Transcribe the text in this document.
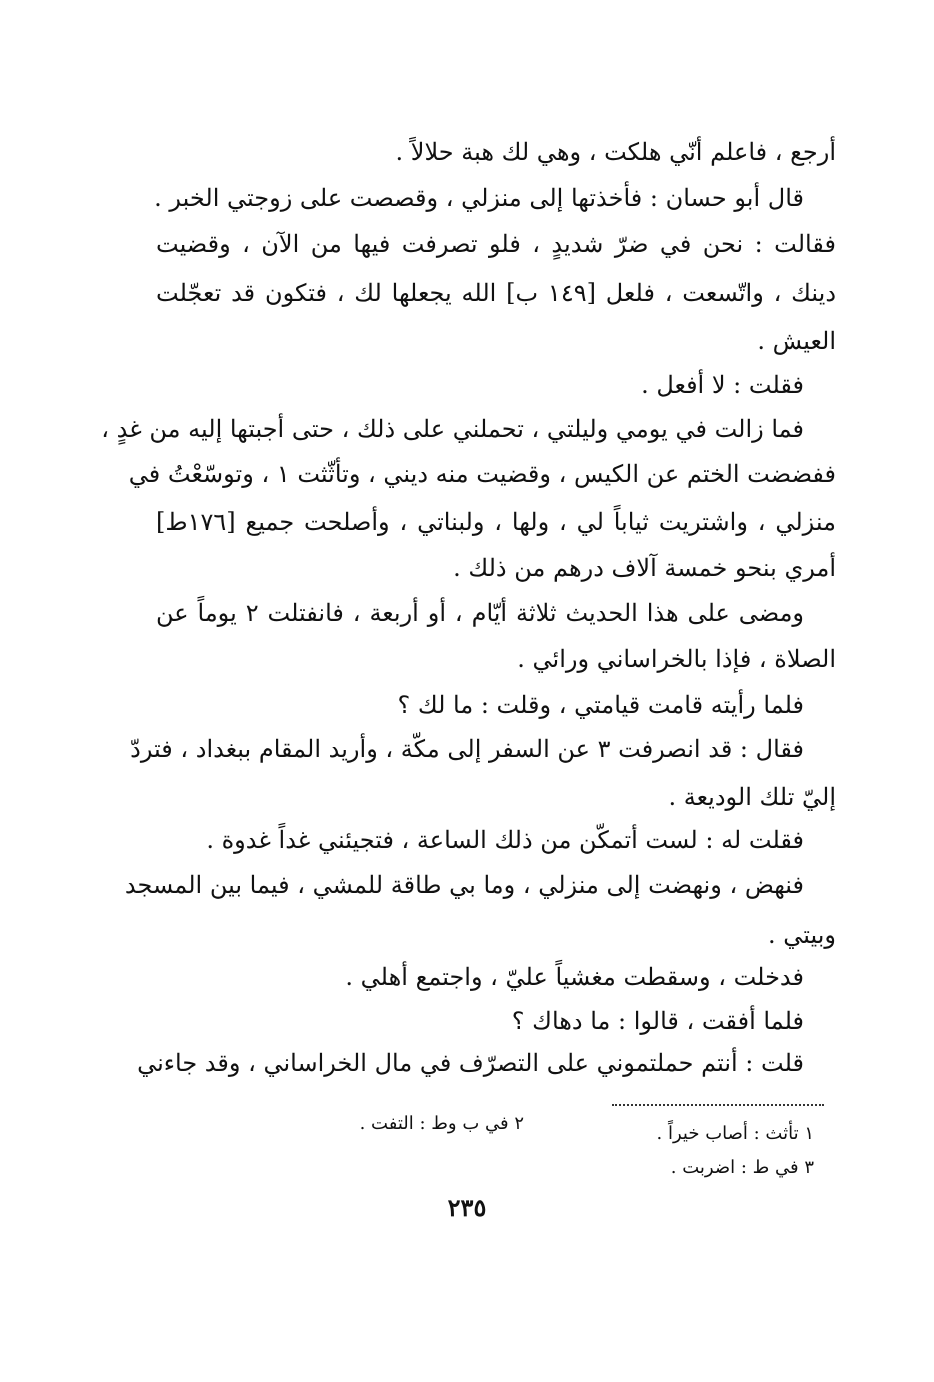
أرجع ، فاعلم أنّي هلكت ، وهي لك هبة حلالاً .
قال أبو حسان : فأخذتها إلى منزلي ، وقصصت على زوجتي الخبر .
فقالت : نحن في ضرّ شديدٍ ، فلو تصرفت فيها من الآن ، وقضيت
دينك ، واتّسعت ، فلعل [١٤٩ ب] الله يجعلها لك ، فتكون قد تعجّلت
العيش .
فقلت : لا أفعل .
فما زالت في يومي وليلتي ، تحملني على ذلك ، حتى أجبتها إليه من غدٍ ،
ففضضت الختم عن الكيس ، وقضيت منه ديني ، وتأثّثت ١ ، وتوسّعْتُ في
منزلي ، واشتريت ثياباً لي ، ولها ، ولبناتي ، وأصلحت جميع [١٧٦ط]
أمري بنحو خمسة آلاف درهم من ذلك .
ومضى على هذا الحديث ثلاثة أيّام ، أو أربعة ، فانفتلت ٢ يوماً عن
الصلاة ، فإذا بالخراساني ورائي .
فلما رأيته قامت قيامتي ، وقلت : ما لك ؟
فقال : قد انصرفت ٣ عن السفر إلى مكّة ، وأريد المقام ببغداد ، فتردّ
إليّ تلك الوديعة .
فقلت له : لست أتمكّن من ذلك الساعة ، فتجيئني غداً غدوة .
فنهض ، ونهضت إلى منزلي ، وما بي طاقة للمشي ، فيما بين المسجد
وبيتي .
فدخلت ، وسقطت مغشياً عليّ ، واجتمع أهلي .
فلما أفقت ، قالوا : ما دهاك ؟
قلت : أنتم حملتموني على التصرّف في مال الخراساني ، وقد جاءني
١ تأثث : أصاب خيراً .
٢ في ب وط : التفت .
٣ في ط : اضربت .
٢٣٥
